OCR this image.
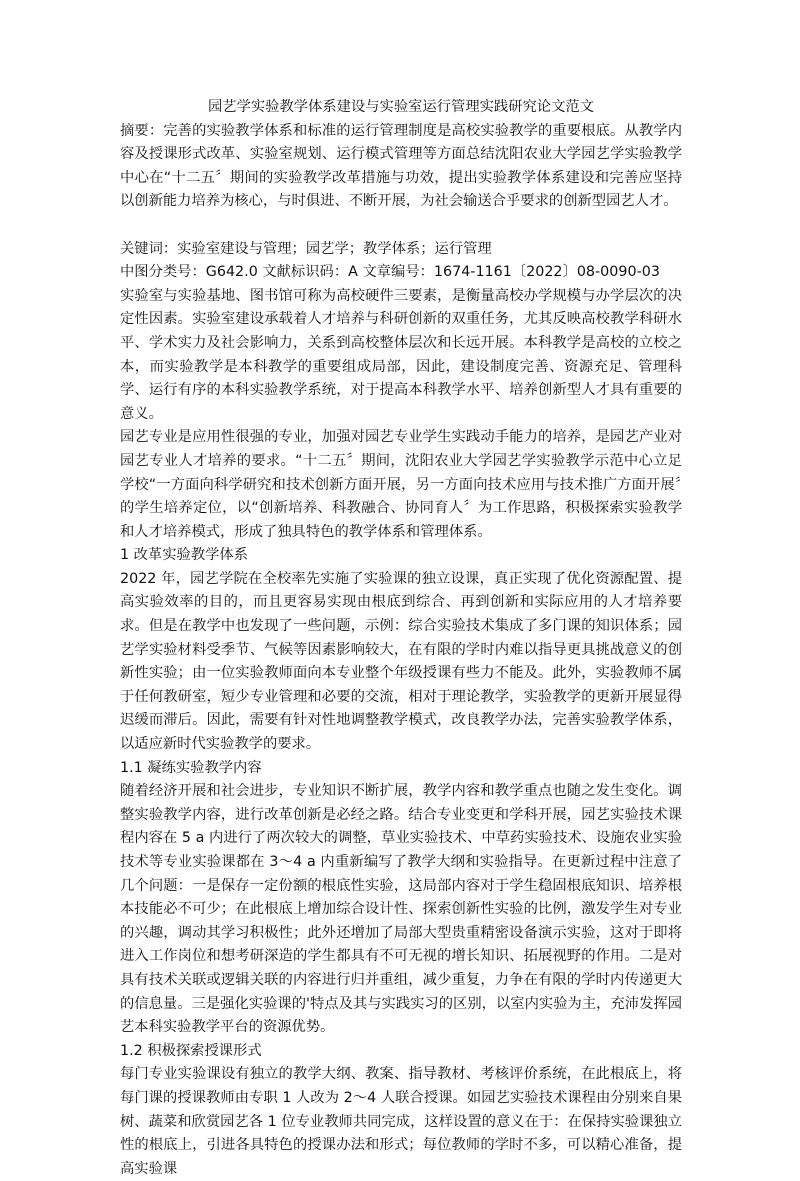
园艺学实验教学体系建设与实验室运行管理实践研究论文范文

摘要：完善的实验教学体系和标准的运行管理制度是高校实验教学的重要根底。从教学内容及授课形式改革、实验室规划、运行模式管理等方面总结沈阳农业大学园艺学实验教学中心在“十二五〞期间的实验教学改革措施与功效，提出实验教学体系建设和完善应坚持以创新能力培养为核心，与时俱进、不断开展，为社会输送合乎要求的创新型园艺人才。

关键词：实验室建设与管理；园艺学；教学体系；运行管理

中图分类号：G642.0 文献标识码：A 文章编号：1674-1161〔2022〕08-0090-03

实验室与实验基地、图书馆可称为高校硬件三要素，是衡量高校办学规模与办学层次的决定性因素。实验室建设承载着人才培养与科研创新的双重任务，尤其反映高校教学科研水平、学术实力及社会影响力，关系到高校整体层次和长远开展。本科教学是高校的立校之本，而实验教学是本科教学的重要组成局部，因此，建设制度完善、资源充足、管理科学、运行有序的本科实验教学系统，对于提高本科教学水平、培养创新型人才具有重要的意义。

园艺专业是应用性很强的专业，加强对园艺专业学生实践动手能力的培养，是园艺产业对园艺专业人才培养的要求。“十二五〞期间，沈阳农业大学园艺学实验教学示范中心立足学校“一方面向科学研究和技术创新方面开展，另一方面向技术应用与技术推广方面开展〞的学生培养定位，以“创新培养、科教融合、协同育人〞为工作思路，积极探索实验教学和人才培养模式，形成了独具特色的教学体系和管理体系。

1 改革实验教学体系

2022 年，园艺学院在全校率先实施了实验课的独立设课，真正实现了优化资源配置、提高实验效率的目的，而且更容易实现由根底到综合、再到创新和实际应用的人才培养要求。但是在教学中也发现了一些问题，示例：综合实验技术集成了多门课的知识体系；园艺学实验材料受季节、气候等因素影响较大，在有限的学时内难以指导更具挑战意义的创新性实验；由一位实验教师面向本专业整个年级授课有些力不能及。此外，实验教师不属于任何教研室，短少专业管理和必要的交流，相对于理论教学，实验教学的更新开展显得迟缓而滞后。因此，需要有针对性地调整教学模式，改良教学办法，完善实验教学体系，以适应新时代实验教学的要求。

1.1 凝练实验教学内容

随着经济开展和社会进步，专业知识不断扩展，教学内容和教学重点也随之发生变化。调整实验教学内容，进行改革创新是必经之路。结合专业变更和学科开展，园艺实验技术课程内容在 5 a 内进行了两次较大的调整，草业实验技术、中草药实验技术、设施农业实验技术等专业实验课都在 3～4 a 内重新编写了教学大纲和实验指导。在更新过程中注意了几个问题：一是保存一定份额的根底性实验，这局部内容对于学生稳固根底知识、培养根本技能必不可少；在此根底上增加综合设计性、探索创新性实验的比例，激发学生对专业的兴趣，调动其学习积极性；此外还增加了局部大型贵重精密设备演示实验，这对于即将进入工作岗位和想考研深造的学生都具有不可无视的增长知识、拓展视野的作用。二是对具有技术关联或逻辑关联的内容进行归并重组，减少重复，力争在有限的学时内传递更大的信息量。三是强化实验课的'特点及其与实践实习的区别，以室内实验为主，充沛发挥园艺本科实验教学平台的资源优势。

1.2 积极探索授课形式

每门专业实验课设有独立的教学大纲、教案、指导教材、考核评价系统，在此根底上，将每门课的授课教师由专职 1 人改为 2～4 人联合授课。如园艺实验技术课程由分别来自果树、蔬菜和欣赏园艺各 1 位专业教师共同完成，这样设置的意义在于：在保持实验课独立性的根底上，引进各具特色的授课办法和形式；每位教师的学时不多，可以精心准备，提高实验课
